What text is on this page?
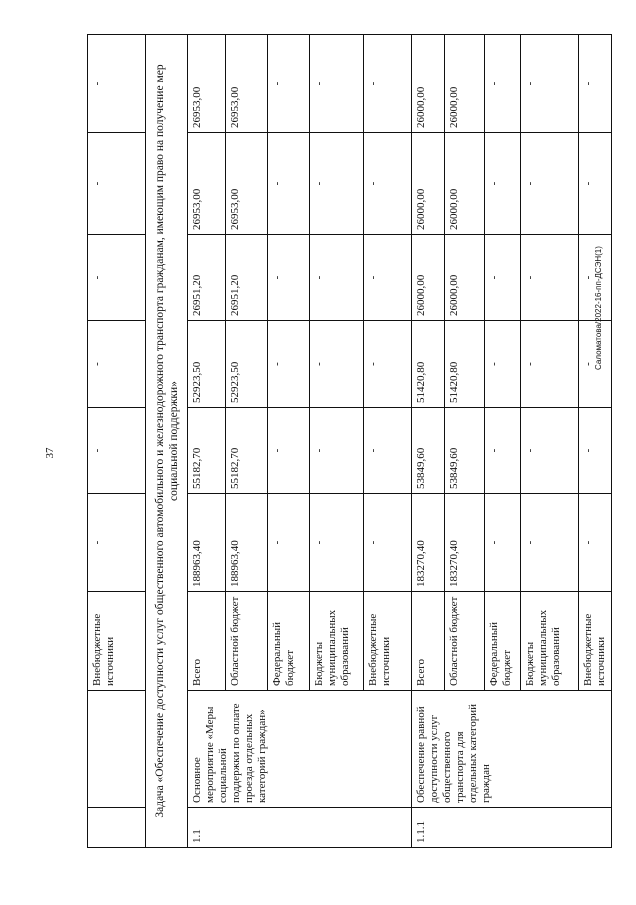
37
Саломатова/2022-16-пп-ДСЭН(1)
		Внебюджетные источники	-	-	-	-	-	-
Задача «Обеспечение доступности услуг общественного автомобильного и железнодорожного транспорта гражданам, имеющим право на получение мер социальной поддержки»								
1.1	Основное мероприятие «Меры социальной поддержки по оплате проезда отдельных категорий граждан»	Всего	188963,40	55182,70	52923,50	26951,20	26953,00	26953,00
		Областной бюджет	188963,40	55182,70	52923,50	26951,20	26953,00	26953,00
		Федеральный бюджет	-	-	-	-	-	-
		Бюджеты муниципальных образований	-	-	-	-	-	-
		Внебюджетные источники	-	-	-	-	-	-
1.1.1	Обеспечение равной доступности услуг общественного транспорта для отдельных категорий граждан	Всего	183270,40	53849,60	51420,80	26000,00	26000,00	26000,00
		Областной бюджет	183270,40	53849,60	51420,80	26000,00	26000,00	26000,00
		Федеральный бюджет	-	-	-	-	-	-
		Бюджеты муниципальных образований	-	-	-	-	-	-
		Внебюджетные источники	-	-	-	-	-	-
